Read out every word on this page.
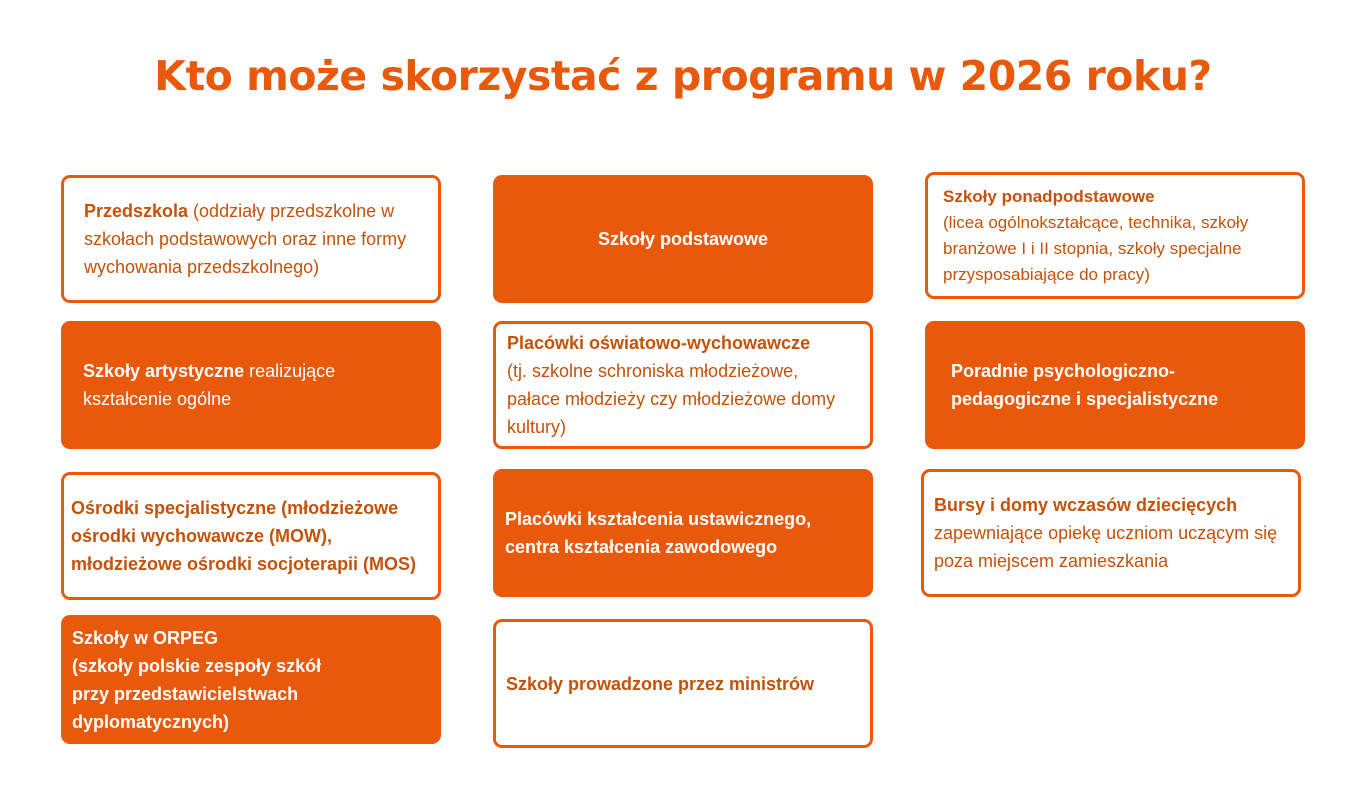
Kto może skorzystać z programu w 2026 roku?
Przedszkola (oddziały przedszkolne w szkołach podstawowych oraz inne formy wychowania przedszkolnego)
Szkoły podstawowe
Szkoły ponadpodstawowe
(licea ogólnokształcące, technika, szkoły branżowe I i II stopnia, szkoły specjalne przysposabiające do pracy)
Szkoły artystyczne realizujące kształcenie ogólne
Placówki oświatowo-wychowawcze
(tj. szkolne schroniska młodzieżowe, pałace młodzieży czy młodzieżowe domy kultury)
Poradnie psychologiczno-pedagogiczne i specjalistyczne
Ośrodki specjalistyczne (młodzieżowe ośrodki wychowawcze (MOW), młodzieżowe ośrodki socjoterapii (MOS)
Placówki kształcenia ustawicznego, centra kształcenia zawodowego
Bursy i domy wczasów dziecięcych
zapewniające opiekę uczniom uczącym się poza miejscem zamieszkania
Szkoły w ORPEG
(szkoły polskie zespoły szkół
przy przedstawicielstwach
dyplomatycznych)
Szkoły prowadzone przez ministrów
